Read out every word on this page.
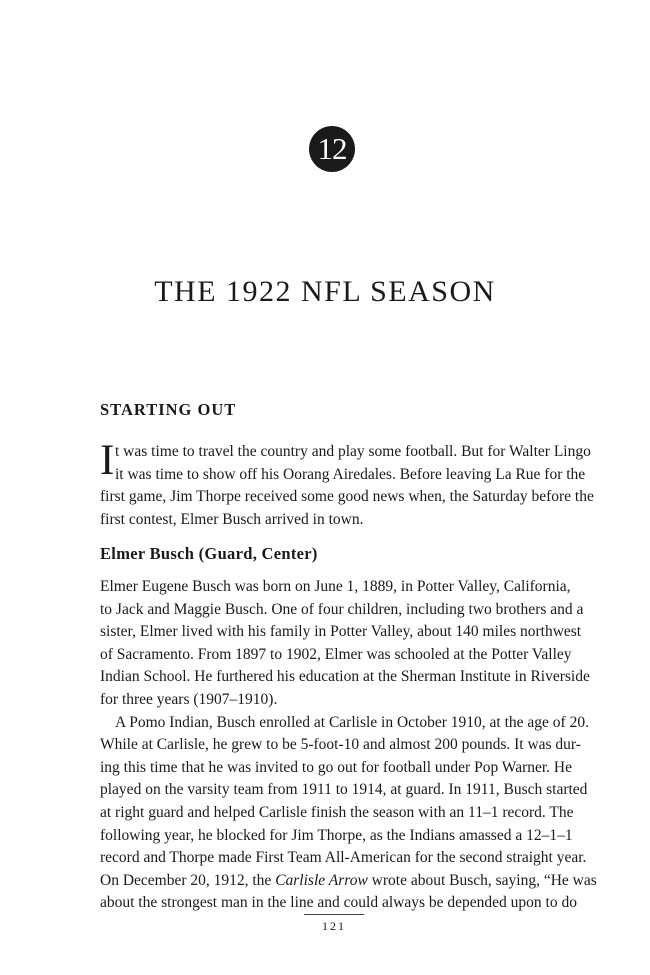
12
THE 1922 NFL SEASON
STARTING OUT
I t was time to travel the country and play some football. But for Walter Lingo
it was time to show off his Oorang Airedales. Before leaving La Rue for the
first game, Jim Thorpe received some good news when, the Saturday before the
first contest, Elmer Busch arrived in town.
Elmer Busch (Guard, Center)
Elmer Eugene Busch was born on June 1, 1889, in Potter Valley, California,
to Jack and Maggie Busch. One of four children, including two brothers and a
sister, Elmer lived with his family in Potter Valley, about 140 miles northwest
of Sacramento. From 1897 to 1902, Elmer was schooled at the Potter Valley
Indian School. He furthered his education at the Sherman Institute in Riverside
for three years (1907–1910).
A Pomo Indian, Busch enrolled at Carlisle in October 1910, at the age of 20.
While at Carlisle, he grew to be 5-foot-10 and almost 200 pounds. It was dur-
ing this time that he was invited to go out for football under Pop Warner. He
played on the varsity team from 1911 to 1914, at guard. In 1911, Busch started
at right guard and helped Carlisle finish the season with an 11–1 record. The
following year, he blocked for Jim Thorpe, as the Indians amassed a 12–1–1
record and Thorpe made First Team All-American for the second straight year.
On December 20, 1912, the Carlisle Arrow wrote about Busch, saying, “He was
about the strongest man in the line and could always be depended upon to do
121
